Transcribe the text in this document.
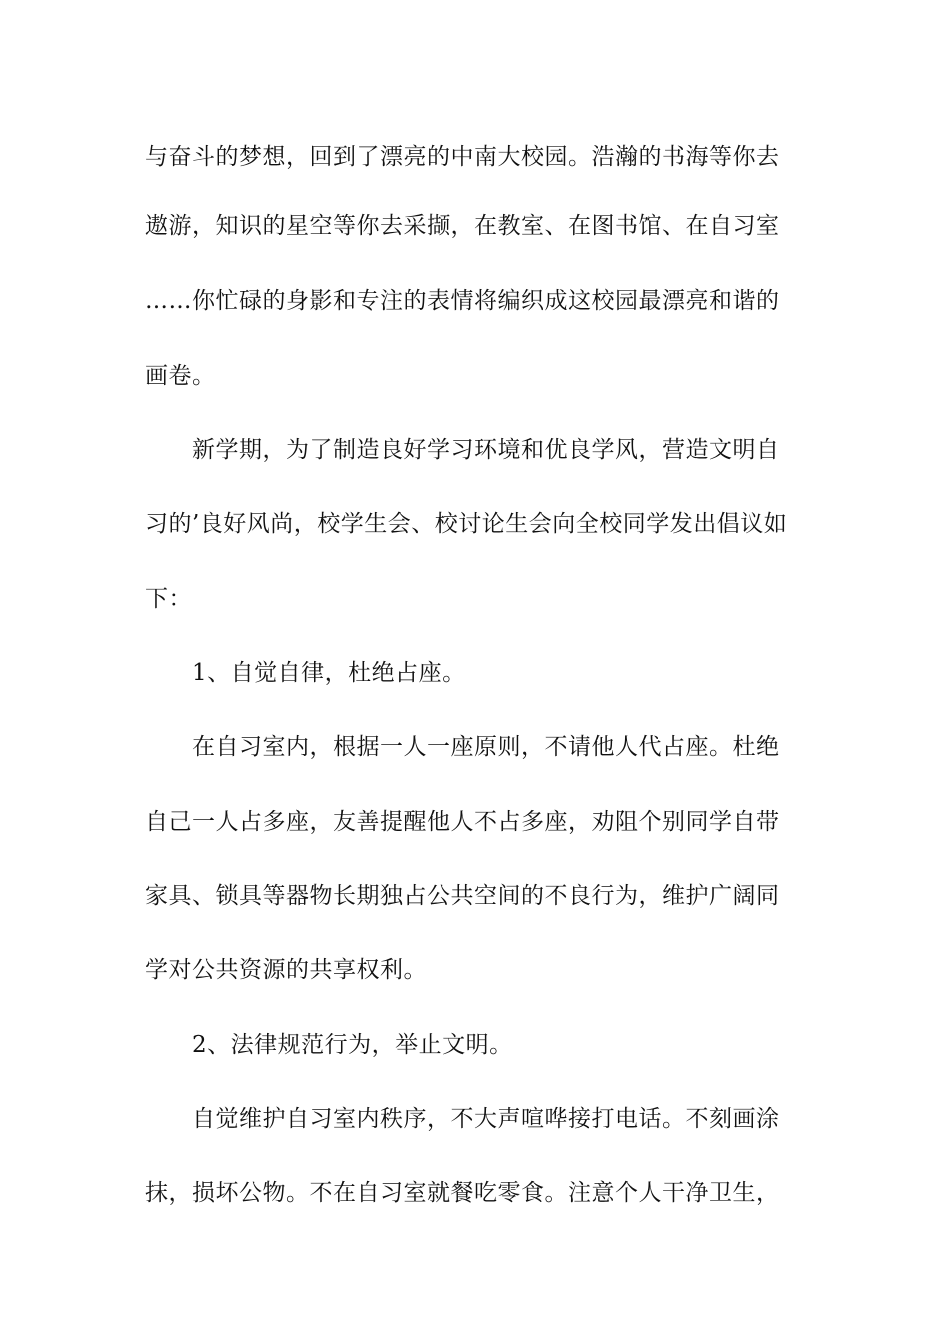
与奋斗的梦想，回到了漂亮的中南大校园。浩瀚的书海等你去
遨游，知识的星空等你去采撷，在教室、在图书馆、在自习室
……你忙碌的身影和专注的表情将编织成这校园最漂亮和谐的
画卷。
新学期，为了制造良好学习环境和优良学风，营造文明自
习的’良好风尚，校学生会、校讨论生会向全校同学发出倡议如
下：
1、自觉自律，杜绝占座。
在自习室内，根据一人一座原则，不请他人代占座。杜绝
自己一人占多座，友善提醒他人不占多座，劝阻个别同学自带
家具、锁具等器物长期独占公共空间的不良行为，维护广阔同
学对公共资源的共享权利。
2、法律规范行为，举止文明。
自觉维护自习室内秩序，不大声喧哗接打电话。不刻画涂
抹，损坏公物。不在自习室就餐吃零食。注意个人干净卫生，
